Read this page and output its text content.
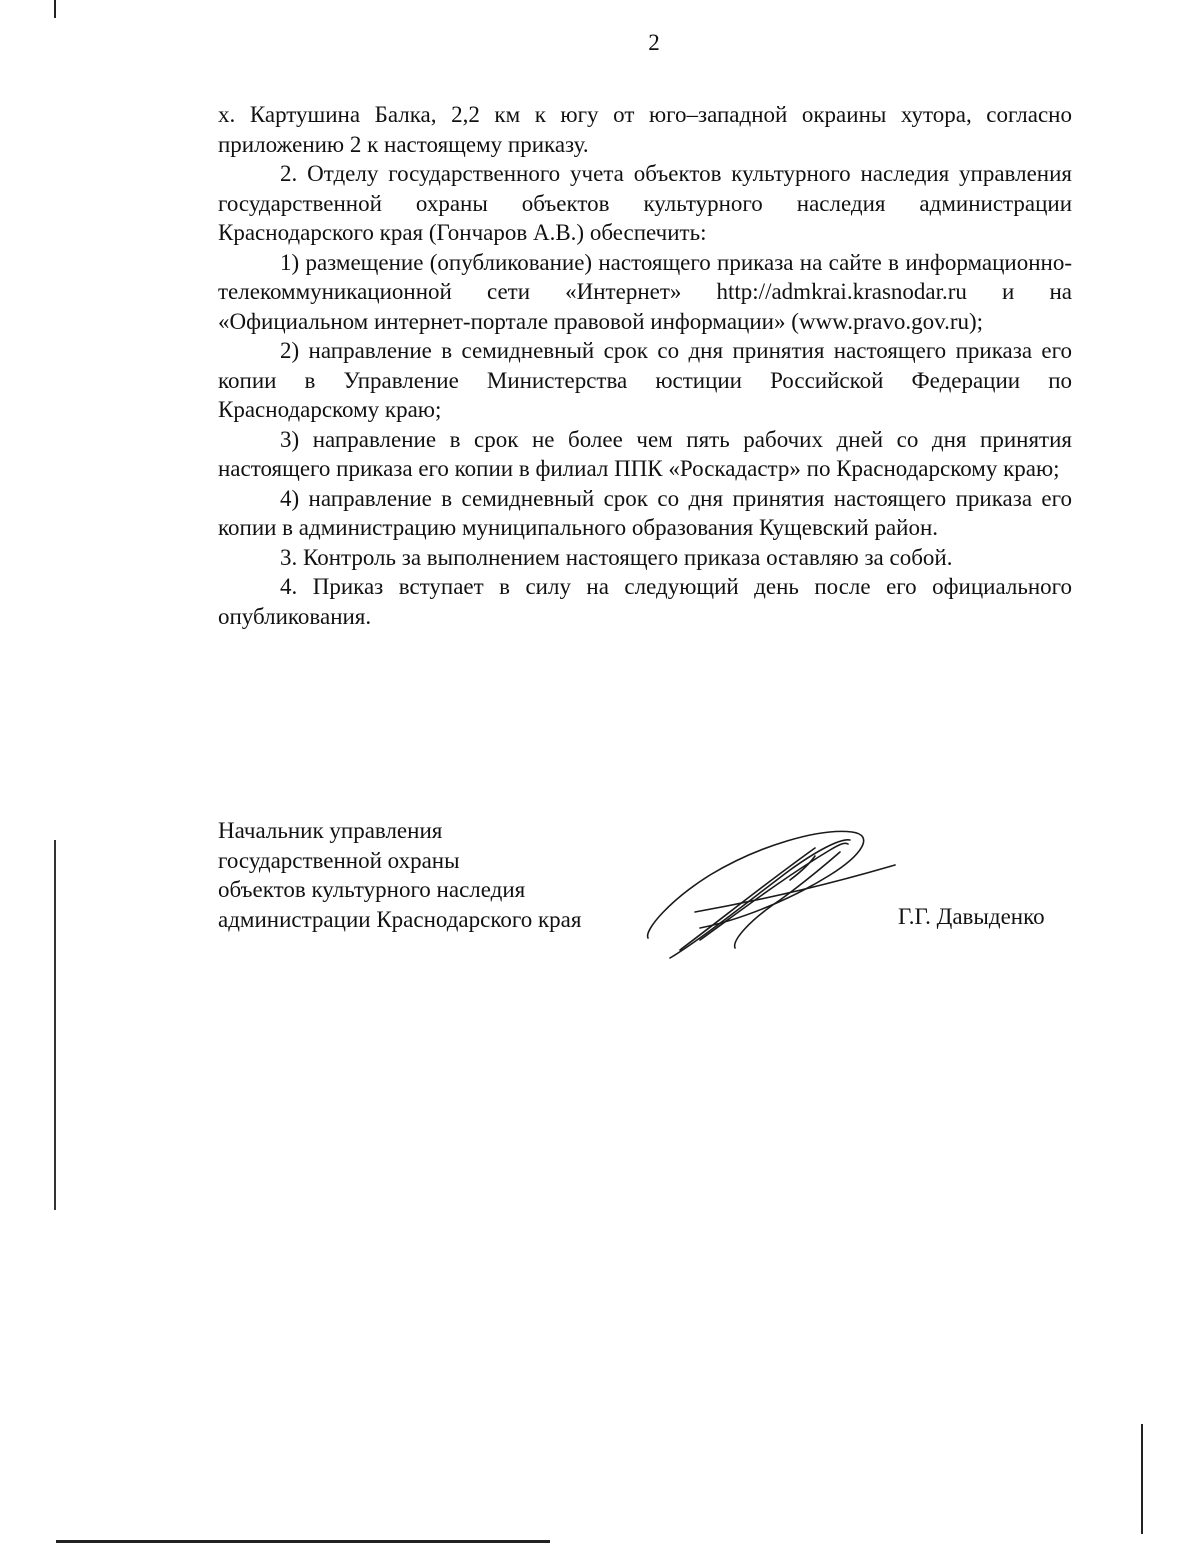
2

х. Картушина Балка, 2,2 км к югу от юго–западной окраины хутора, согласно приложению 2 к настоящему приказу.

2. Отделу государственного учета объектов культурного наследия управления государственной охраны объектов культурного наследия администрации Краснодарского края (Гончаров А.В.) обеспечить:

1) размещение (опубликование) настоящего приказа на сайте в информационно-телекоммуникационной сети «Интернет» http://admkrai.krasnodar.ru и на «Официальном интернет-портале правовой информации» (www.pravo.gov.ru);

2) направление в семидневный срок со дня принятия настоящего приказа его копии в Управление Министерства юстиции Российской Федерации по Краснодарскому краю;

3) направление в срок не более чем пять рабочих дней со дня принятия настоящего приказа его копии в филиал ППК «Роскадастр» по Краснодарскому краю;

4) направление в семидневный срок со дня принятия настоящего приказа его копии в администрацию муниципального образования Кущевский район.

3. Контроль за выполнением настоящего приказа оставляю за собой.

4. Приказ вступает в силу на следующий день после его официального опубликования.

Начальник управления
государственной охраны
объектов культурного наследия
администрации Краснодарского края	Г.Г. Давыденко
